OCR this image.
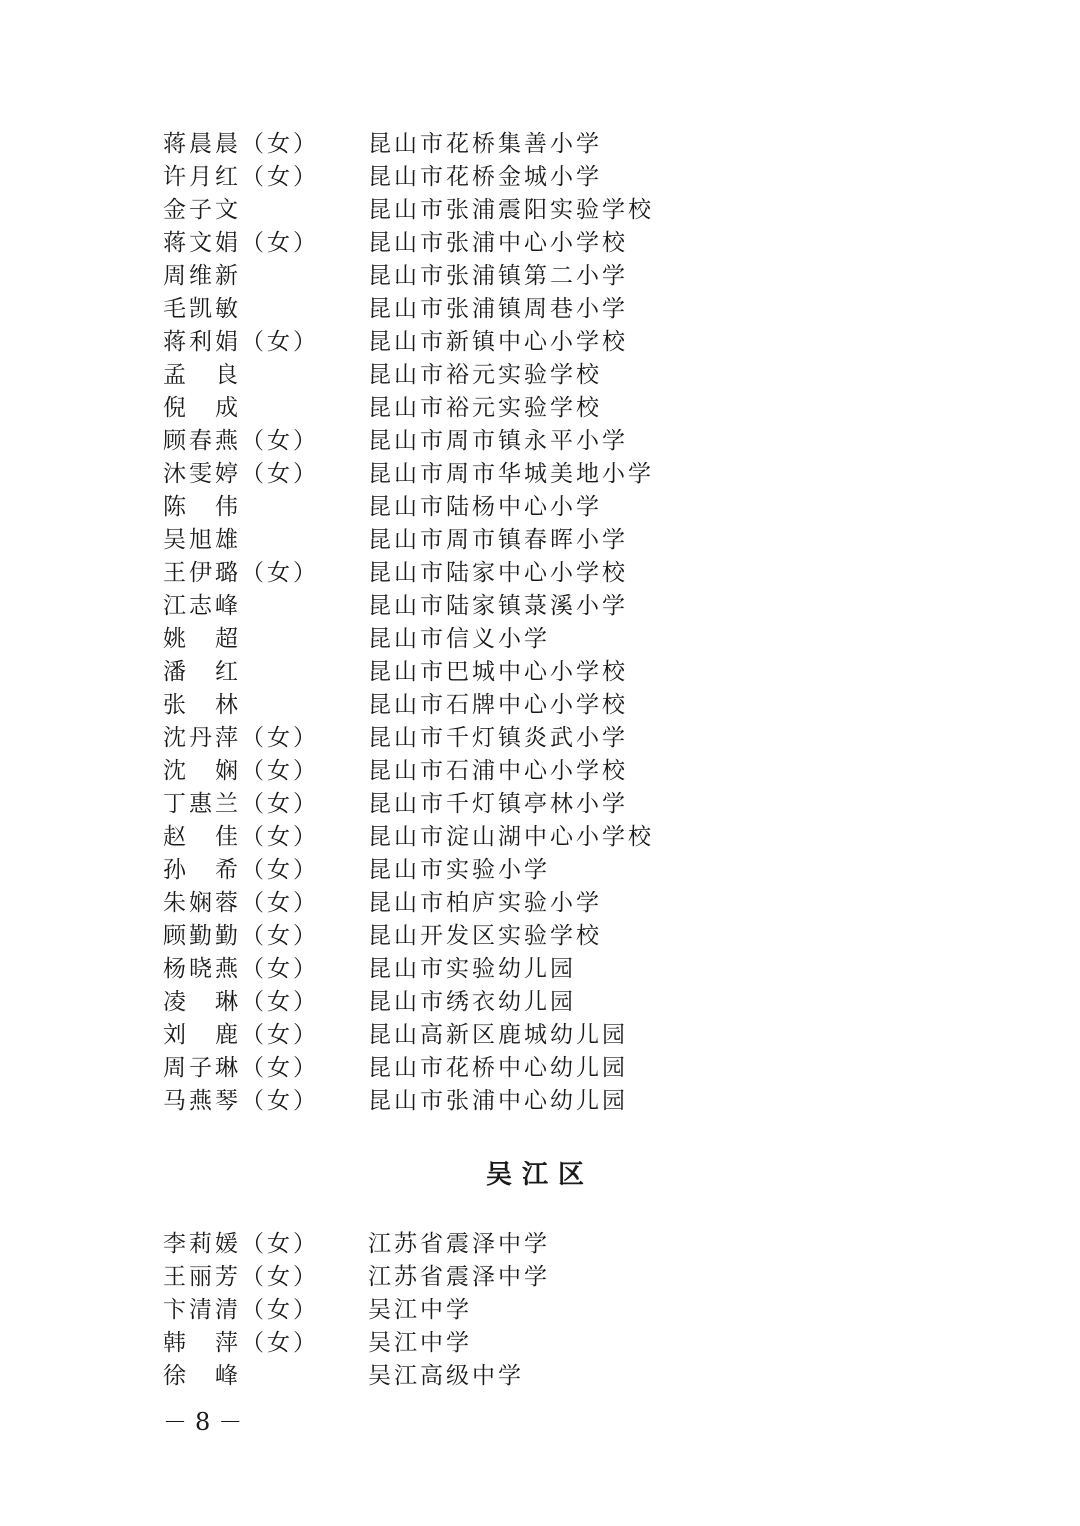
蒋晨晨（女）	昆山市花桥集善小学
许月红（女）	昆山市花桥金城小学
金子文	昆山市张浦震阳实验学校
蒋文娟（女）	昆山市张浦中心小学校
周维新	昆山市张浦镇第二小学
毛凯敏	昆山市张浦镇周巷小学
蒋利娟（女）	昆山市新镇中心小学校
孟　良	昆山市裕元实验学校
倪　成	昆山市裕元实验学校
顾春燕（女）	昆山市周市镇永平小学
沐雯婷（女）	昆山市周市华城美地小学
陈　伟	昆山市陆杨中心小学
吴旭雄	昆山市周市镇春晖小学
王伊璐（女）	昆山市陆家中心小学校
江志峰	昆山市陆家镇菉溪小学
姚　超	昆山市信义小学
潘　红	昆山市巴城中心小学校
张　林	昆山市石牌中心小学校
沈丹萍（女）	昆山市千灯镇炎武小学
沈　娴（女）	昆山市石浦中心小学校
丁惠兰（女）	昆山市千灯镇亭林小学
赵　佳（女）	昆山市淀山湖中心小学校
孙　希（女）	昆山市实验小学
朱娴蓉（女）	昆山市柏庐实验小学
顾勤勤（女）	昆山开发区实验学校
杨晓燕（女）	昆山市实验幼儿园
凌　琳（女）	昆山市绣衣幼儿园
刘　鹿（女）	昆山高新区鹿城幼儿园
周子琳（女）	昆山市花桥中心幼儿园
马燕琴（女）	昆山市张浦中心幼儿园
吴江区
李莉媛（女）	江苏省震泽中学
王丽芳（女）	江苏省震泽中学
卞清清（女）	吴江中学
韩　萍（女）	吴江中学
徐　峰	吴江高级中学
－8－
